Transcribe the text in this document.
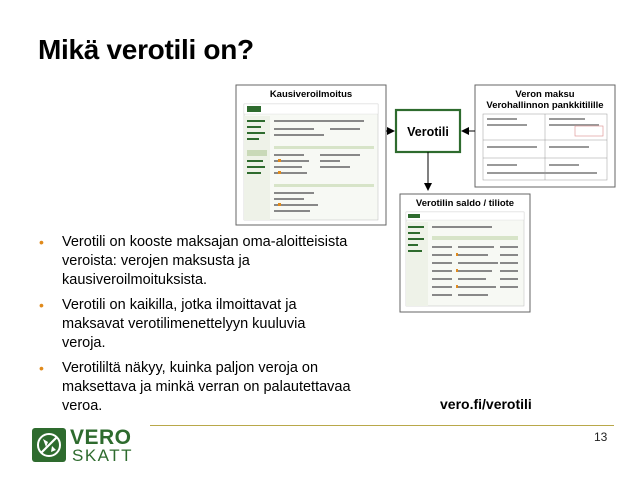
Mikä verotili on?
Kausiveroilmoitus	Veron maksu
Verohallinnon pankkitilille
Verotili
Verotilin saldo / tiliote
• Verotili on kooste maksajan oma-aloitteisista veroista: verojen maksusta ja kausiveroilmoituksista.
• Verotili on kaikilla, jotka ilmoittavat ja maksavat verotilimenettelyyn kuuluvia veroja.
• Verotililtä näkyy, kuinka paljon veroja on maksettava ja minkä verran on palautettavaa veroa.	vero.fi/verotili
13
VERO
SKATT
